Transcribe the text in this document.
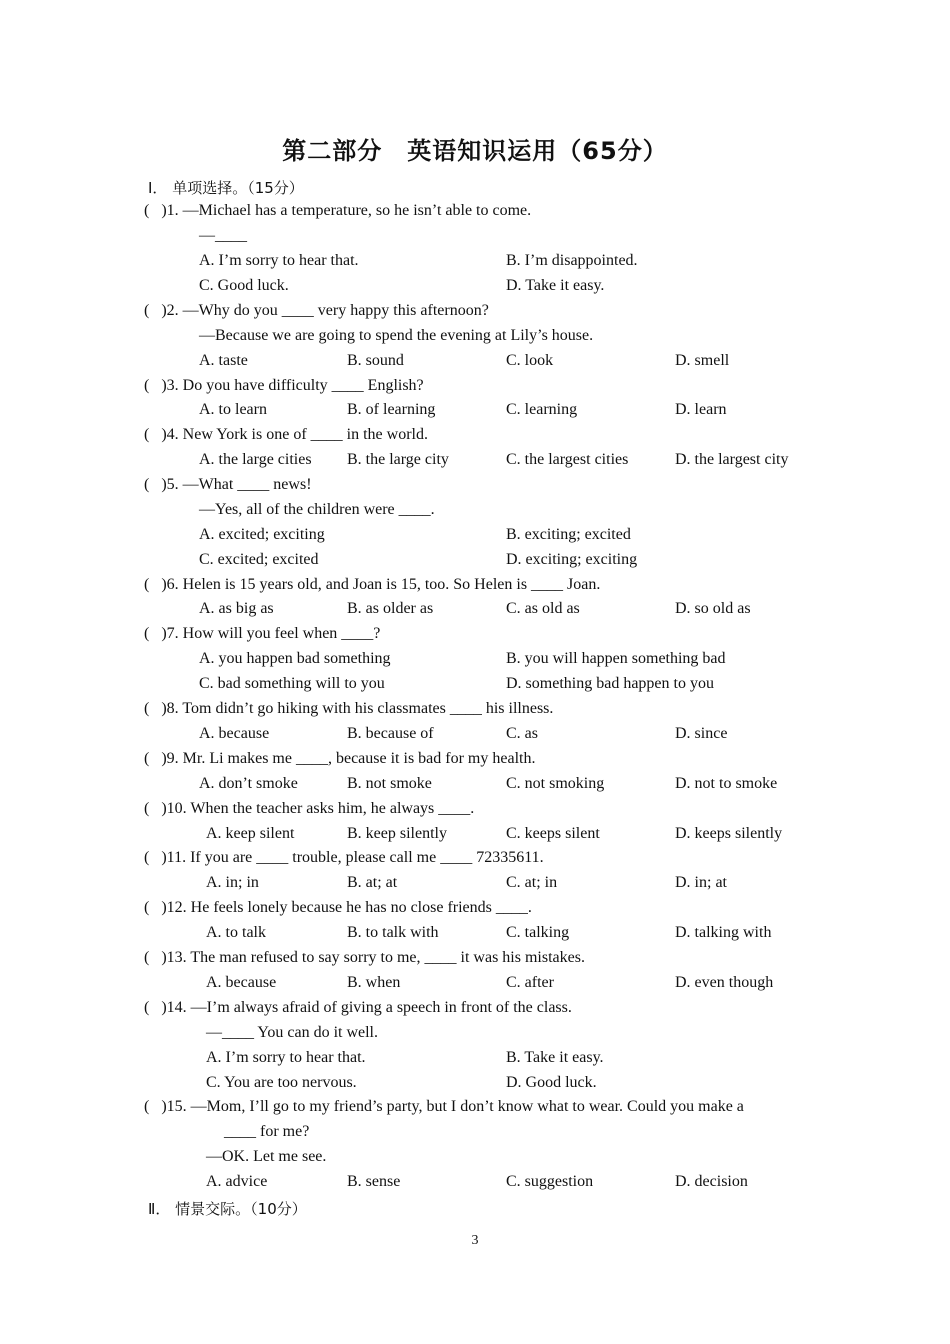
第二部分　英语知识运用（65分）
Ⅰ． 单项选择。（15分）
(   )1. —Michael has a temperature, so he isn’t able to come.
—____
A. I’m sorry to hear that.	B. I’m disappointed.
C. Good luck.	D. Take it easy.
(   )2. —Why do you ____ very happy this afternoon?
—Because we are going to spend the evening at Lily’s house.
A. taste	B. sound	C. look	D. smell
(   )3. Do you have difficulty ____ English?
A. to learn	B. of learning	C. learning	D. learn
(   )4. New York is one of ____ in the world.
A. the large cities B. the large city	C. the largest cities	D. the largest city
(   )5. —What ____ news!
—Yes, all of the children were ____.
A. excited; exciting	B. exciting; excited
C. excited; excited	D. exciting; exciting
(   )6. Helen is 15 years old, and Joan is 15, too. So Helen is ____ Joan.
A. as big as	B. as older as	C. as old as	D. so old as
(   )7. How will you feel when ____?
A. you happen bad something	B. you will happen something bad
C. bad something will to you	D. something bad happen to you
(   )8. Tom didn’t go hiking with his classmates ____ his illness.
A. because	B. because of	C. as	D. since
(   )9. Mr. Li makes me ____, because it is bad for my health.
A. don’t smoke	B. not smoke	C. not smoking	D. not to smoke
(   )10. When the teacher asks him, he always ____.
A. keep silent	B. keep silently	C. keeps silent	D. keeps silently
(   )11. If you are ____ trouble, please call me ____ 72335611.
A. in; in	B. at; at	C. at; in	D. in; at
(   )12. He feels lonely because he has no close friends ____.
A. to talk	B. to talk with	C. talking	D. talking with
(   )13. The man refused to say sorry to me, ____ it was his mistakes.
A. because	B. when	C. after	D. even though
(   )14. —I’m always afraid of giving a speech in front of the class.
—____ You can do it well.
A. I’m sorry to hear that.	B. Take it easy.
C. You are too nervous.	D. Good luck.
(   )15. —Mom, I’ll go to my friend’s party, but I don’t know what to wear. Could you make a
____ for me?
—OK. Let me see.
A. advice	B. sense	C. suggestion	D. decision
Ⅱ． 情景交际。（10分）
3
